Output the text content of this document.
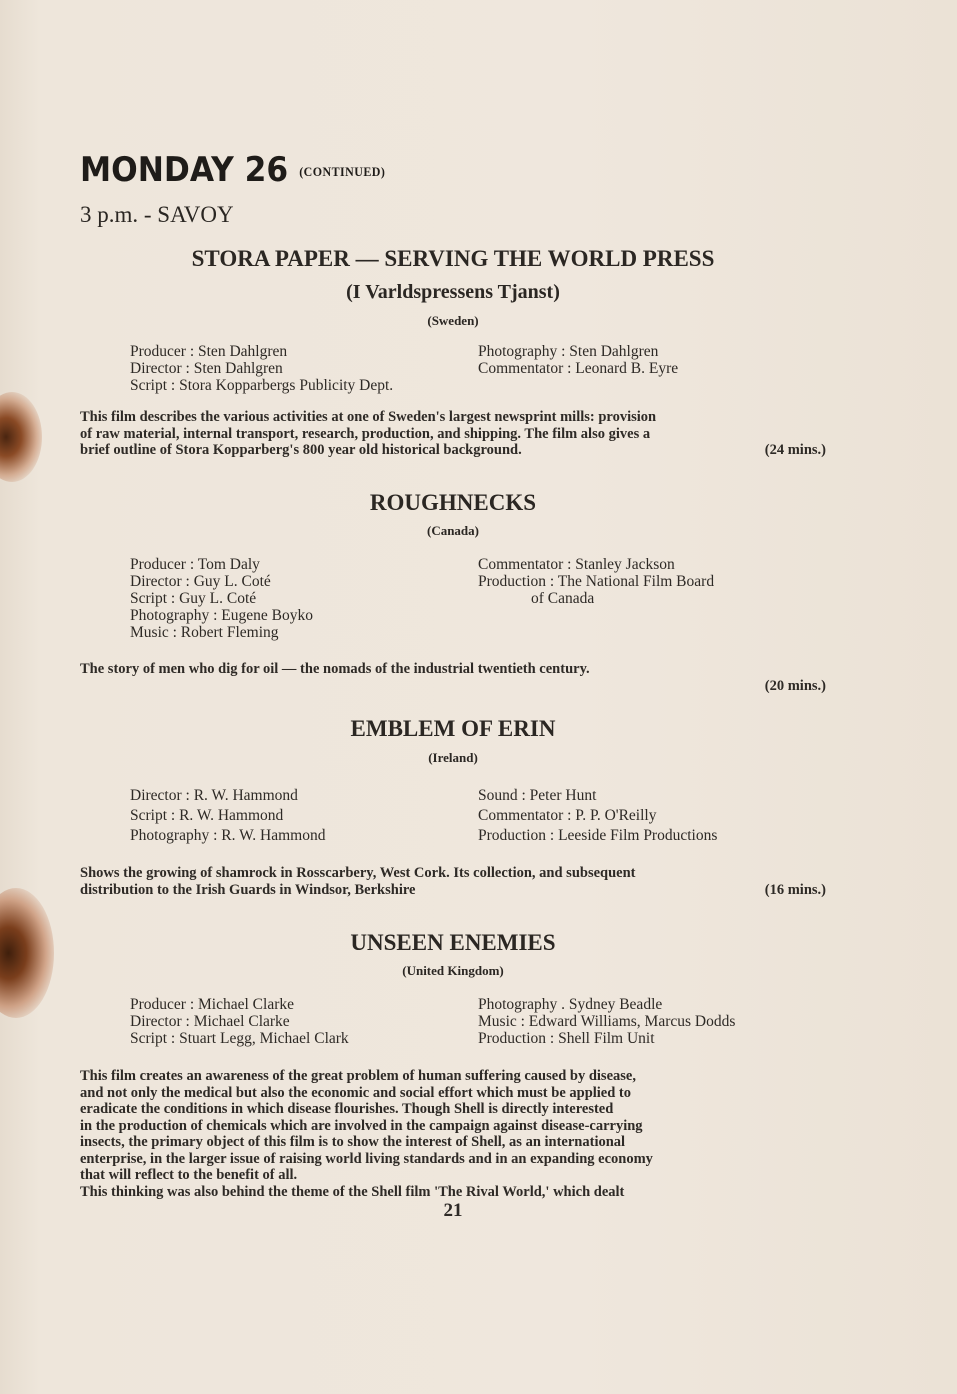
MONDAY 26 (CONTINUED)
3 p.m. - SAVOY
STORA PAPER — SERVING THE WORLD PRESS
(I Varldspressens Tjanst)
(Sweden)
Producer : Sten Dahlgren
Director : Sten Dahlgren
Script : Stora Kopparbergs Publicity Dept.
Photography : Sten Dahlgren
Commentator : Leonard B. Eyre
This film describes the various activities at one of Sweden's largest newsprint mills: provision
of raw material, internal transport, research, production, and shipping. The film also gives a
brief outline of Stora Kopparberg's 800 year old historical background.	(24 mins.)
ROUGHNECKS
(Canada)
Producer : Tom Daly
Director : Guy L. Coté
Script : Guy L. Coté
Photography : Eugene Boyko
Music : Robert Fleming
Commentator : Stanley Jackson
Production : The National Film Board
of Canada
The story of men who dig for oil — the nomads of the industrial twentieth century.
(20 mins.)
EMBLEM OF ERIN
(Ireland)
Director : R. W. Hammond
Script : R. W. Hammond
Photography : R. W. Hammond
Sound : Peter Hunt
Commentator : P. P. O'Reilly
Production : Leeside Film Productions
Shows the growing of shamrock in Rosscarbery, West Cork. Its collection, and subsequent
distribution to the Irish Guards in Windsor, Berkshire	(16 mins.)
UNSEEN ENEMIES
(United Kingdom)
Producer : Michael Clarke
Director : Michael Clarke
Script : Stuart Legg, Michael Clark
Photography . Sydney Beadle
Music : Edward Williams, Marcus Dodds
Production : Shell Film Unit
This film creates an awareness of the great problem of human suffering caused by disease,
and not only the medical but also the economic and social effort which must be applied to
eradicate the conditions in which disease flourishes. Though Shell is directly interested
in the production of chemicals which are involved in the campaign against disease-carrying
insects, the primary object of this film is to show the interest of Shell, as an international
enterprise, in the larger issue of raising world living standards and in an expanding economy
that will reflect to the benefit of all.
This thinking was also behind the theme of the Shell film 'The Rival World,' which dealt
21
